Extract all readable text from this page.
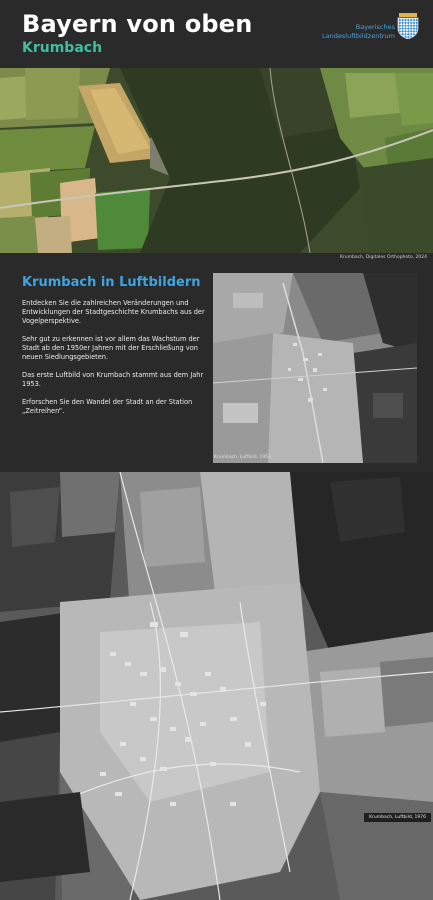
Bayern von oben
Krumbach
Bayerisches
Landesluftbildzentrum
Krumbach, Digitales Orthophoto, 2024
Krumbach in Luftbildern

Entdecken Sie die zahlreichen Veränderungen und Entwicklungen der Stadtgeschichte Krumbachs aus der Vogelperspektive.

Sehr gut zu erkennen ist vor allem das Wachstum der Stadt ab den 1950er Jahren mit der Erschließung von neuen Siedlungsgebieten.

Das erste Luftbild von Krumbach stammt aus dem Jahr 1953.

Erforschen Sie den Wandel der Stadt an der Station „Zeitreihen“.

Krumbach, Luftbild, 1953
Krumbach, Luftbild, 1976
